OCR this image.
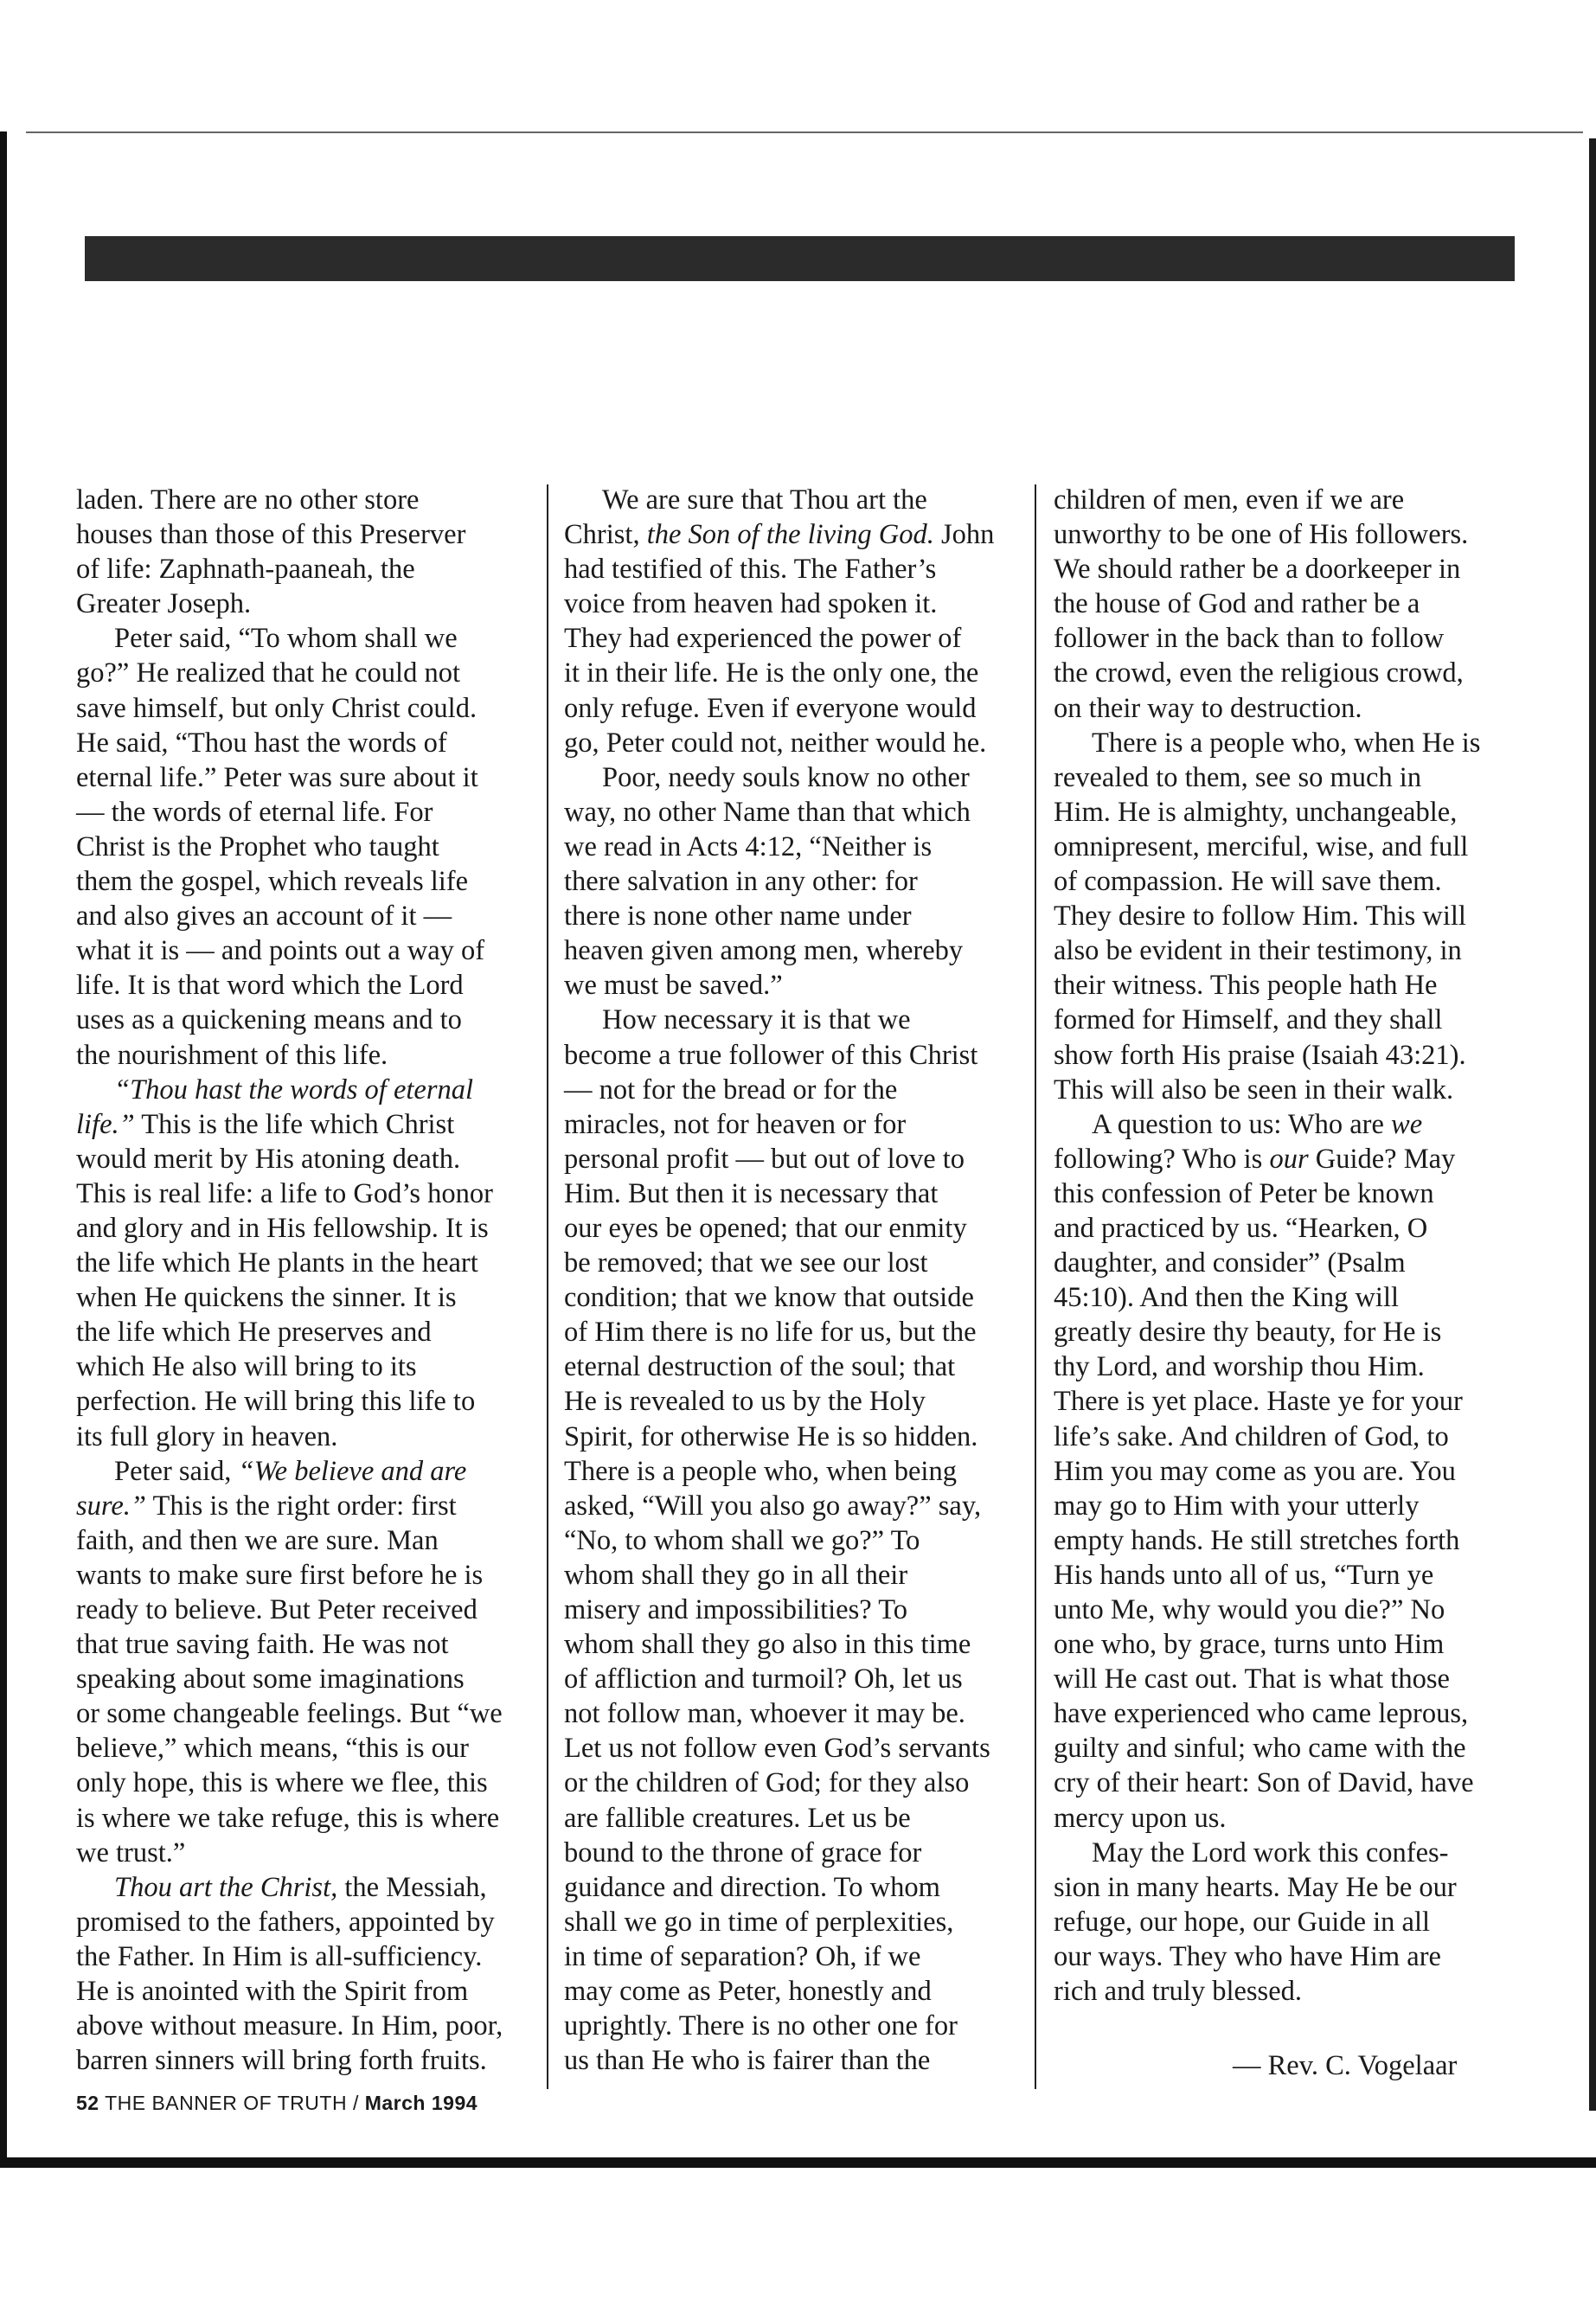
laden. There are no other store
houses than those of this Preserver
of life: Zaphnath-paaneah, the
Greater Joseph.
Peter said, “To whom shall we
go?” He realized that he could not
save himself, but only Christ could.
He said, “Thou hast the words of
eternal life.” Peter was sure about it
— the words of eternal life. For
Christ is the Prophet who taught
them the gospel, which reveals life
and also gives an account of it —
what it is — and points out a way of
life. It is that word which the Lord
uses as a quickening means and to
the nourishment of this life.
“Thou hast the words of eternal
life.” This is the life which Christ
would merit by His atoning death.
This is real life: a life to God’s honor
and glory and in His fellowship. It is
the life which He plants in the heart
when He quickens the sinner. It is
the life which He preserves and
which He also will bring to its
perfection. He will bring this life to
its full glory in heaven.
Peter said, “We believe and are
sure.” This is the right order: first
faith, and then we are sure. Man
wants to make sure first before he is
ready to believe. But Peter received
that true saving faith. He was not
speaking about some imaginations
or some changeable feelings. But “we
believe,” which means, “this is our
only hope, this is where we flee, this
is where we take refuge, this is where
we trust.”
Thou art the Christ, the Messiah,
promised to the fathers, appointed by
the Father. In Him is all-sufficiency.
He is anointed with the Spirit from
above without measure. In Him, poor,
barren sinners will bring forth fruits.
We are sure that Thou art the
Christ, the Son of the living God. John
had testified of this. The Father’s
voice from heaven had spoken it.
They had experienced the power of
it in their life. He is the only one, the
only refuge. Even if everyone would
go, Peter could not, neither would he.
Poor, needy souls know no other
way, no other Name than that which
we read in Acts 4:12, “Neither is
there salvation in any other: for
there is none other name under
heaven given among men, whereby
we must be saved.”
How necessary it is that we
become a true follower of this Christ
— not for the bread or for the
miracles, not for heaven or for
personal profit — but out of love to
Him. But then it is necessary that
our eyes be opened; that our enmity
be removed; that we see our lost
condition; that we know that outside
of Him there is no life for us, but the
eternal destruction of the soul; that
He is revealed to us by the Holy
Spirit, for otherwise He is so hidden.
There is a people who, when being
asked, “Will you also go away?” say,
“No, to whom shall we go?” To
whom shall they go in all their
misery and impossibilities? To
whom shall they go also in this time
of affliction and turmoil? Oh, let us
not follow man, whoever it may be.
Let us not follow even God’s servants
or the children of God; for they also
are fallible creatures. Let us be
bound to the throne of grace for
guidance and direction. To whom
shall we go in time of perplexities,
in time of separation? Oh, if we
may come as Peter, honestly and
uprightly. There is no other one for
us than He who is fairer than the
children of men, even if we are
unworthy to be one of His followers.
We should rather be a doorkeeper in
the house of God and rather be a
follower in the back than to follow
the crowd, even the religious crowd,
on their way to destruction.
There is a people who, when He is
revealed to them, see so much in
Him. He is almighty, unchangeable,
omnipresent, merciful, wise, and full
of compassion. He will save them.
They desire to follow Him. This will
also be evident in their testimony, in
their witness. This people hath He
formed for Himself, and they shall
show forth His praise (Isaiah 43:21).
This will also be seen in their walk.
A question to us: Who are we
following? Who is our Guide? May
this confession of Peter be known
and practiced by us. “Hearken, O
daughter, and consider” (Psalm
45:10). And then the King will
greatly desire thy beauty, for He is
thy Lord, and worship thou Him.
There is yet place. Haste ye for your
life’s sake. And children of God, to
Him you may come as you are. You
may go to Him with your utterly
empty hands. He still stretches forth
His hands unto all of us, “Turn ye
unto Me, why would you die?” No
one who, by grace, turns unto Him
will He cast out. That is what those
have experienced who came leprous,
guilty and sinful; who came with the
cry of their heart: Son of David, have
mercy upon us.
May the Lord work this confes-
sion in many hearts. May He be our
refuge, our hope, our Guide in all
our ways. They who have Him are
rich and truly blessed.
— Rev. C. Vogelaar
52 THE BANNER OF TRUTH / March 1994
